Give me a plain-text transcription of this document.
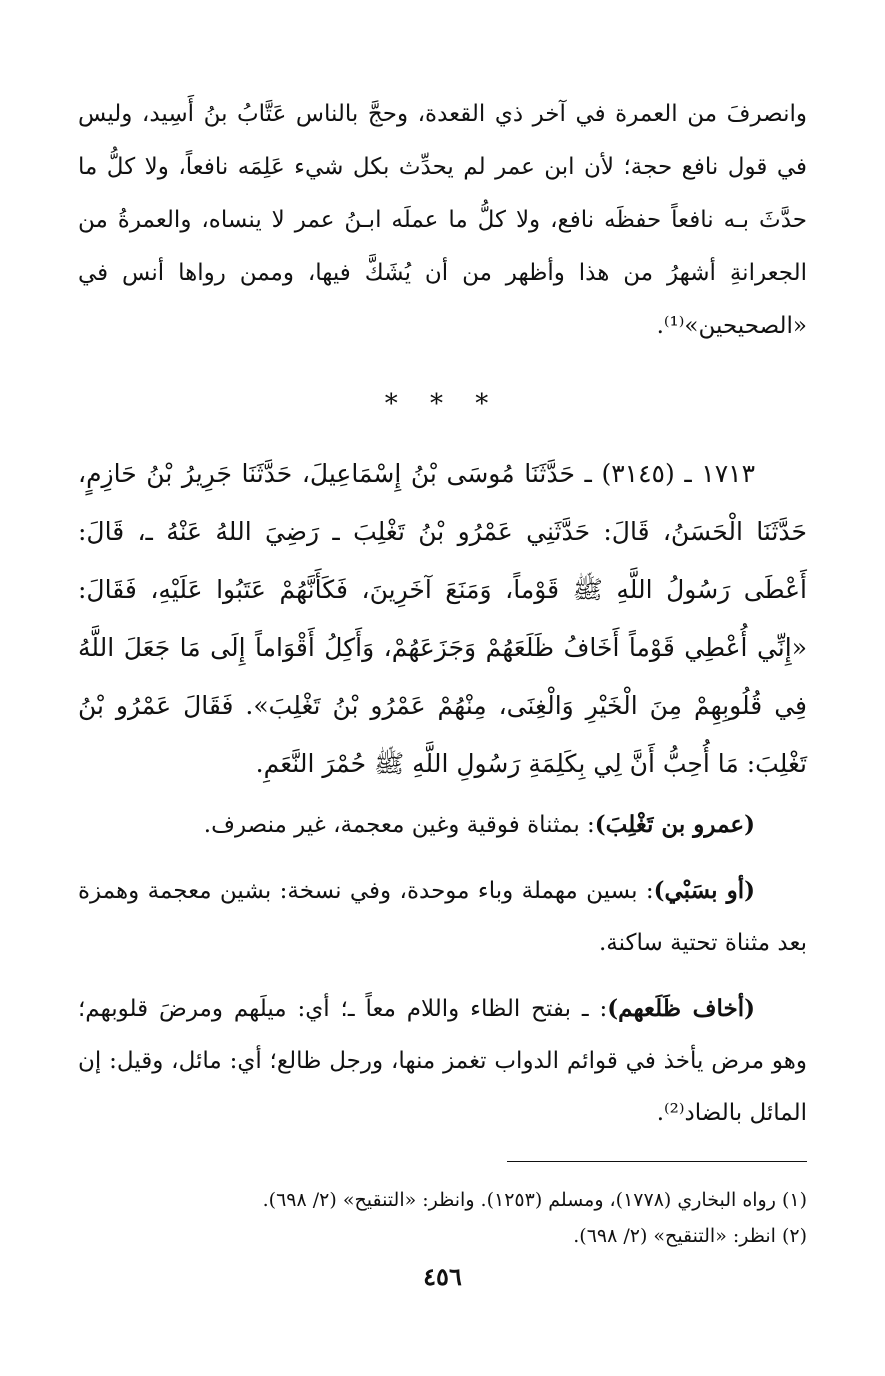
وانصرفَ من العمرة في آخر ذي القعدة، وحجَّ بالناس عَتَّابُ بنُ أَسِيد، وليس في قول نافع حجة؛ لأن ابن عمر لم يحدِّث بكل شيء عَلِمَه نافعاً، ولا كلُّ ما حدَّثَ بـه نافعاً حفظَه نافع، ولا كلُّ ما عملَه ابـنُ عمر لا ينساه، والعمرةُ من الجعرانةِ أشهرُ من هذا وأظهر من أن يُشَكَّ فيها، وممن رواها أنس في «الصحيحين»⁽¹⁾.

* * *

١٧١٣ ـ (٣١٤٥) ـ حَدَّثَنَا مُوسَى بْنُ إِسْمَاعِيلَ، حَدَّثَنَا جَرِيرُ بْنُ حَازِمٍ، حَدَّثَنَا الْحَسَنُ، قَالَ: حَدَّثَنِي عَمْرُو بْنُ تَغْلِبَ ـ رَضِيَ اللهُ عَنْهُ ـ، قَالَ: أَعْطَى رَسُولُ اللَّهِ ﷺ قَوْماً، وَمَنَعَ آخَرِينَ، فَكَأَنَّهُمْ عَتَبُوا عَلَيْهِ، فَقَالَ: «إِنِّي أُعْطِي قَوْماً أَخَافُ ظَلَعَهُمْ وَجَزَعَهُمْ، وَأَكِلُ أَقْوَاماً إِلَى مَا جَعَلَ اللَّهُ فِي قُلُوبِهِمْ مِنَ الْخَيْرِ وَالْغِنَى، مِنْهُمْ عَمْرُو بْنُ تَغْلِبَ». فَقَالَ عَمْرُو بْنُ تَغْلِبَ: مَا أُحِبُّ أَنَّ لِي بِكَلِمَةِ رَسُولِ اللَّهِ ﷺ حُمْرَ النَّعَمِ.

(عمرو بن تَغْلِبَ): بمثناة فوقية وغين معجمة، غير منصرف.

(أو بسَبْي): بسين مهملة وباء موحدة، وفي نسخة: بشين معجمة وهمزة بعد مثناة تحتية ساكنة.

(أخاف ظَلَعهم): ـ بفتح الظاء واللام معاً ـ؛ أي: ميلَهم ومرضَ قلوبهم؛ وهو مرض يأخذ في قوائم الدواب تغمز منها، ورجل ظالع؛ أي: مائل، وقيل: إن المائل بالضاد⁽²⁾.

(١) رواه البخاري (١٧٧٨)، ومسلم (١٢٥٣). وانظر: «التنقيح» (٢/ ٦٩٨).

(٢) انظر: «التنقيح» (٢/ ٦٩٨).

٤٥٦
